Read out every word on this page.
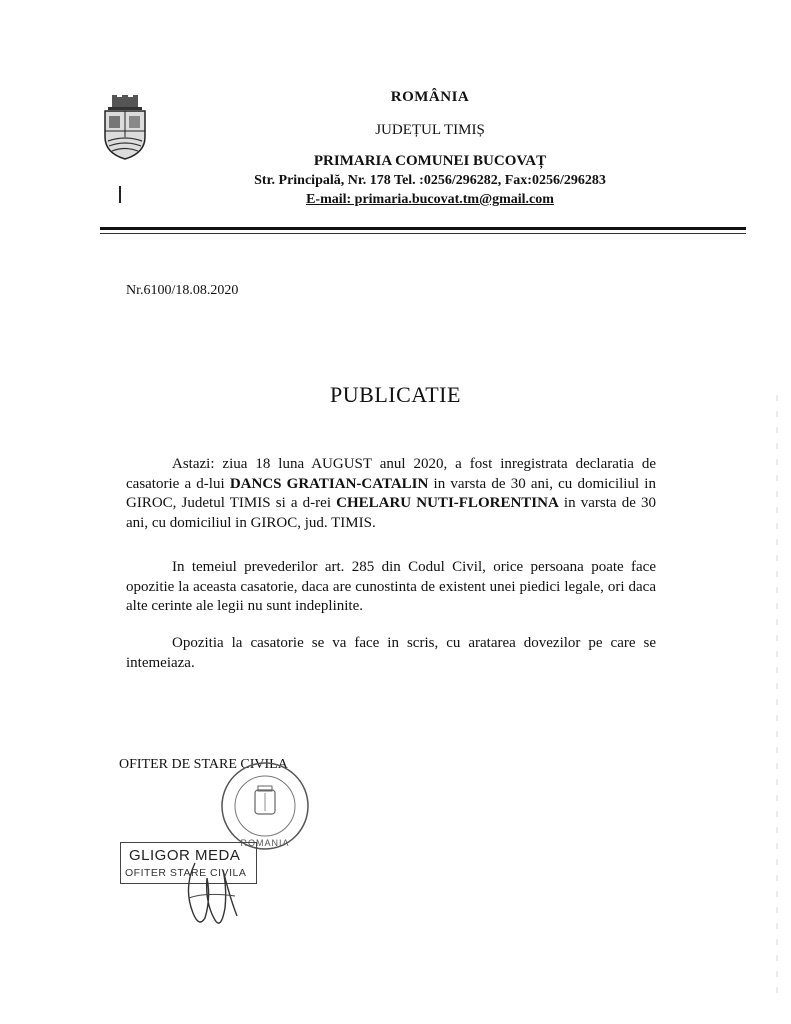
ROMÂNIA
JUDEȚUL TIMIȘ
PRIMARIA COMUNEI BUCOVAȚ
Str. Principală, Nr. 178 Tel. :0256/296282, Fax:0256/296283
E-mail: primaria.bucovat.tm@gmail.com
Nr.6100/18.08.2020
PUBLICATIE

Astazi: ziua 18 luna AUGUST anul 2020, a fost inregistrata declaratia de casatorie a d-lui DANCS GRATIAN-CATALIN in varsta de 30 ani, cu domiciliul in GIROC, Judetul TIMIS si a d-rei CHELARU NUTI-FLORENTINA in varsta de 30 ani, cu domiciliul in GIROC, jud. TIMIS.

In temeiul prevederilor art. 285 din Codul Civil, orice persoana poate face opozitie la aceasta casatorie, daca are cunostinta de existent unei piedici legale, ori daca alte cerinte ale legii nu sunt indeplinite.

Opozitia la casatorie se va face in scris, cu aratarea dovezilor pe care se intemeiaza.

OFITER DE STARE CIVILA
ROMANIA
GLIGOR MEDA
OFITER STARE CIVILA
